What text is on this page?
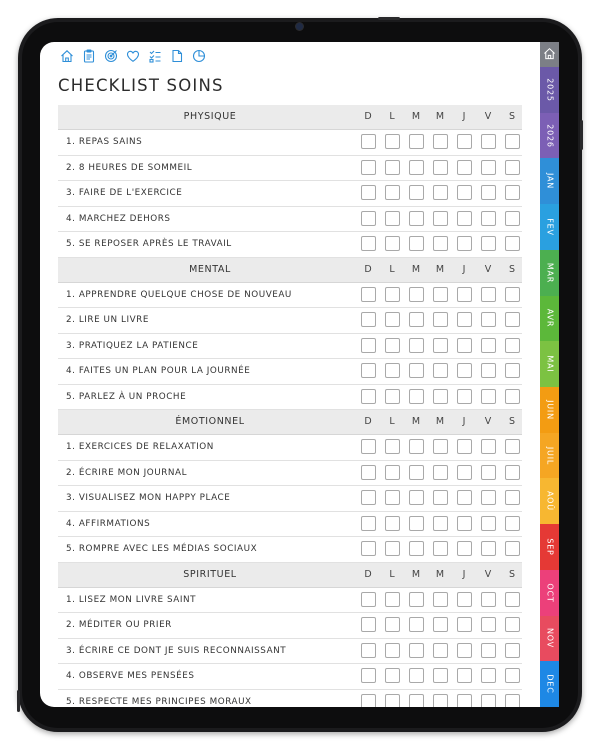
CHECKLIST SOINS
PHYSIQUE	D	L	M	M	J	V	S
1. REPAS SAINS
2. 8 HEURES DE SOMMEIL
3. FAIRE DE L'EXERCICE
4. MARCHEZ DEHORS
5. SE REPOSER APRÈS LE TRAVAIL
MENTAL	D	L	M	M	J	V	S
1. APPRENDRE QUELQUE CHOSE DE NOUVEAU
2. LIRE UN LIVRE
3. PRATIQUEZ LA PATIENCE
4. FAITES UN PLAN POUR LA JOURNÉE
5. PARLEZ À UN PROCHE
ÉMOTIONNEL	D	L	M	M	J	V	S
1. EXERCICES DE RELAXATION
2. ÉCRIRE MON JOURNAL
3. VISUALISEZ MON HAPPY PLACE
4. AFFIRMATIONS
5. ROMPRE AVEC LES MÉDIAS SOCIAUX
SPIRITUEL	D	L	M	M	J	V	S
1. LISEZ MON LIVRE SAINT
2. MÉDITER OU PRIER
3. ÉCRIRE CE DONT JE SUIS RECONNAISSANT
4. OBSERVE MES PENSÉES
5. RESPECTE MES PRINCIPES MORAUX
2025
2026
JAN
FEV
MAR
AVR
MAI
JUIN
JUIL
AOÛ
SEP
OCT
NOV
DEC
